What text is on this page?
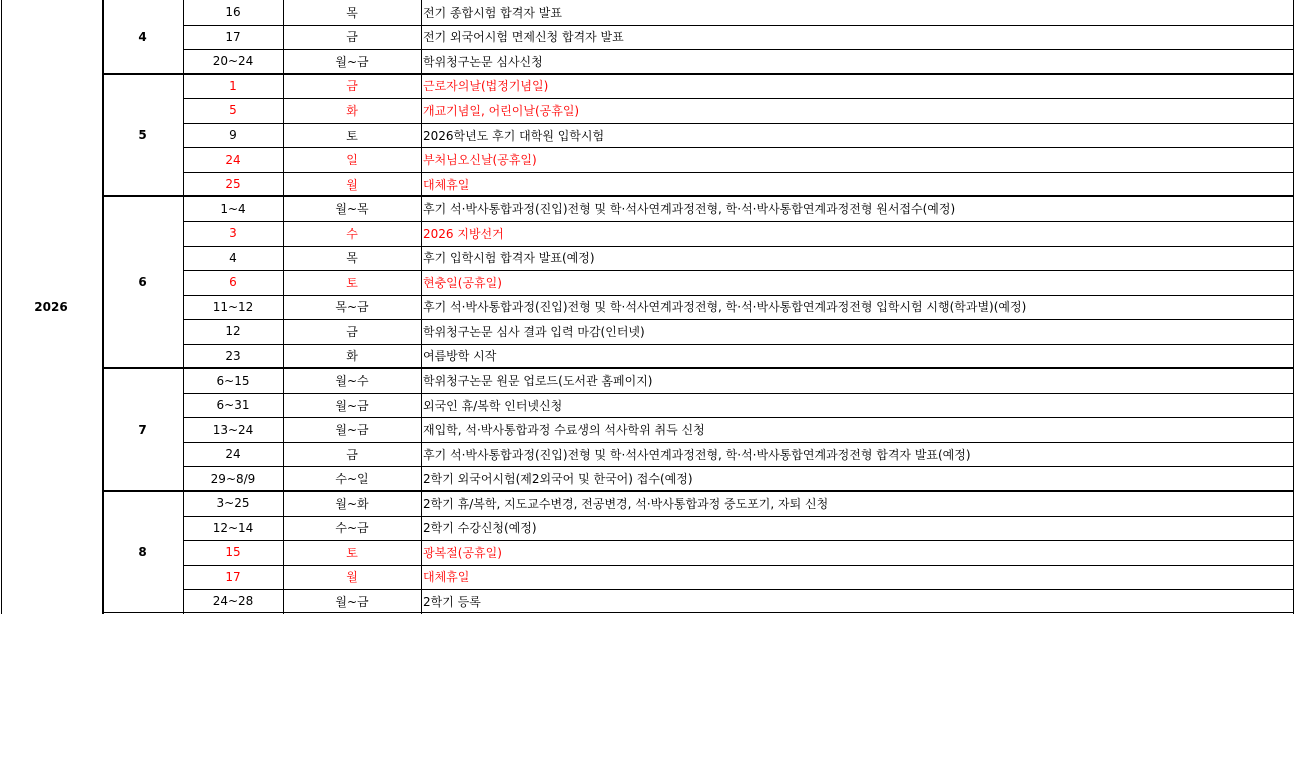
2026
4
16	목	전기 종합시험 합격자 발표
17	금	전기 외국어시험 면제신청 합격자 발표
20~24	월~금	학위청구논문 심사신청
5
1	금	근로자의날(법정기념일)
5	화	개교기념일, 어린이날(공휴일)
9	토	2026학년도 후기 대학원 입학시험
24	일	부처님오신날(공휴일)
25	월	대체휴일
6
1~4	월~목	후기 석·박사통합과정(진입)전형 및 학·석사연계과정전형, 학·석·박사통합연계과정전형 원서접수(예정)
3	수	2026 지방선거
4	목	후기 입학시험 합격자 발표(예정)
6	토	현충일(공휴일)
11~12	목~금	후기 석·박사통합과정(진입)전형 및 학·석사연계과정전형, 학·석·박사통합연계과정전형 입학시험 시행(학과별)(예정)
12	금	학위청구논문 심사 결과 입력 마감(인터넷)
23	화	여름방학 시작
7
6~15	월~수	학위청구논문 원문 업로드(도서관 홈페이지)
6~31	월~금	외국인 휴/복학 인터넷신청
13~24	월~금	재입학, 석·박사통합과정 수료생의 석사학위 취득 신청
24	금	후기 석·박사통합과정(진입)전형 및 학·석사연계과정전형, 학·석·박사통합연계과정전형 합격자 발표(예정)
29~8/9	수~일	2학기 외국어시험(제2외국어 및 한국어) 접수(예정)
8
3~25	월~화	2학기 휴/복학, 지도교수변경, 전공변경, 석·박사통합과정 중도포기, 자퇴 신청
12~14	수~금	2학기 수강신청(예정)
15	토	광복절(공휴일)
17	월	대체휴일
24~28	월~금	2학기 등록
